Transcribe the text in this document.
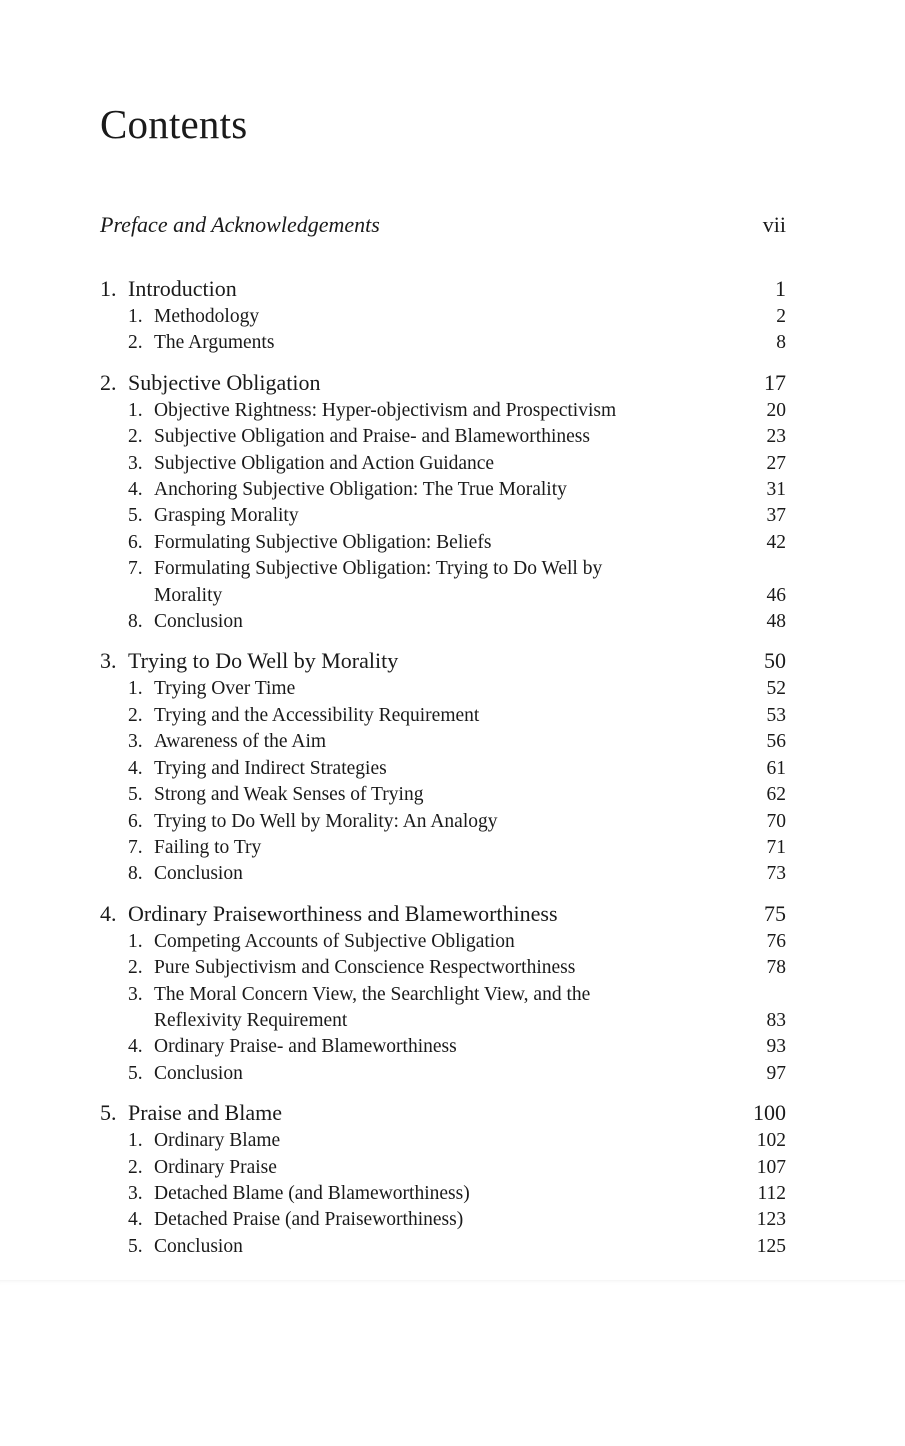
Contents
Preface and Acknowledgements	vii
1. Introduction	1
1. Methodology	2
2. The Arguments	8
2. Subjective Obligation	17
1. Objective Rightness: Hyper-objectivism and Prospectivism	20
2. Subjective Obligation and Praise- and Blameworthiness	23
3. Subjective Obligation and Action Guidance	27
4. Anchoring Subjective Obligation: The True Morality	31
5. Grasping Morality	37
6. Formulating Subjective Obligation: Beliefs	42
7. Formulating Subjective Obligation: Trying to Do Well by Morality	46
8. Conclusion	48
3. Trying to Do Well by Morality	50
1. Trying Over Time	52
2. Trying and the Accessibility Requirement	53
3. Awareness of the Aim	56
4. Trying and Indirect Strategies	61
5. Strong and Weak Senses of Trying	62
6. Trying to Do Well by Morality: An Analogy	70
7. Failing to Try	71
8. Conclusion	73
4. Ordinary Praiseworthiness and Blameworthiness	75
1. Competing Accounts of Subjective Obligation	76
2. Pure Subjectivism and Conscience Respectworthiness	78
3. The Moral Concern View, the Searchlight View, and the Reflexivity Requirement	83
4. Ordinary Praise- and Blameworthiness	93
5. Conclusion	97
5. Praise and Blame	100
1. Ordinary Blame	102
2. Ordinary Praise	107
3. Detached Blame (and Blameworthiness)	112
4. Detached Praise (and Praiseworthiness)	123
5. Conclusion	125
